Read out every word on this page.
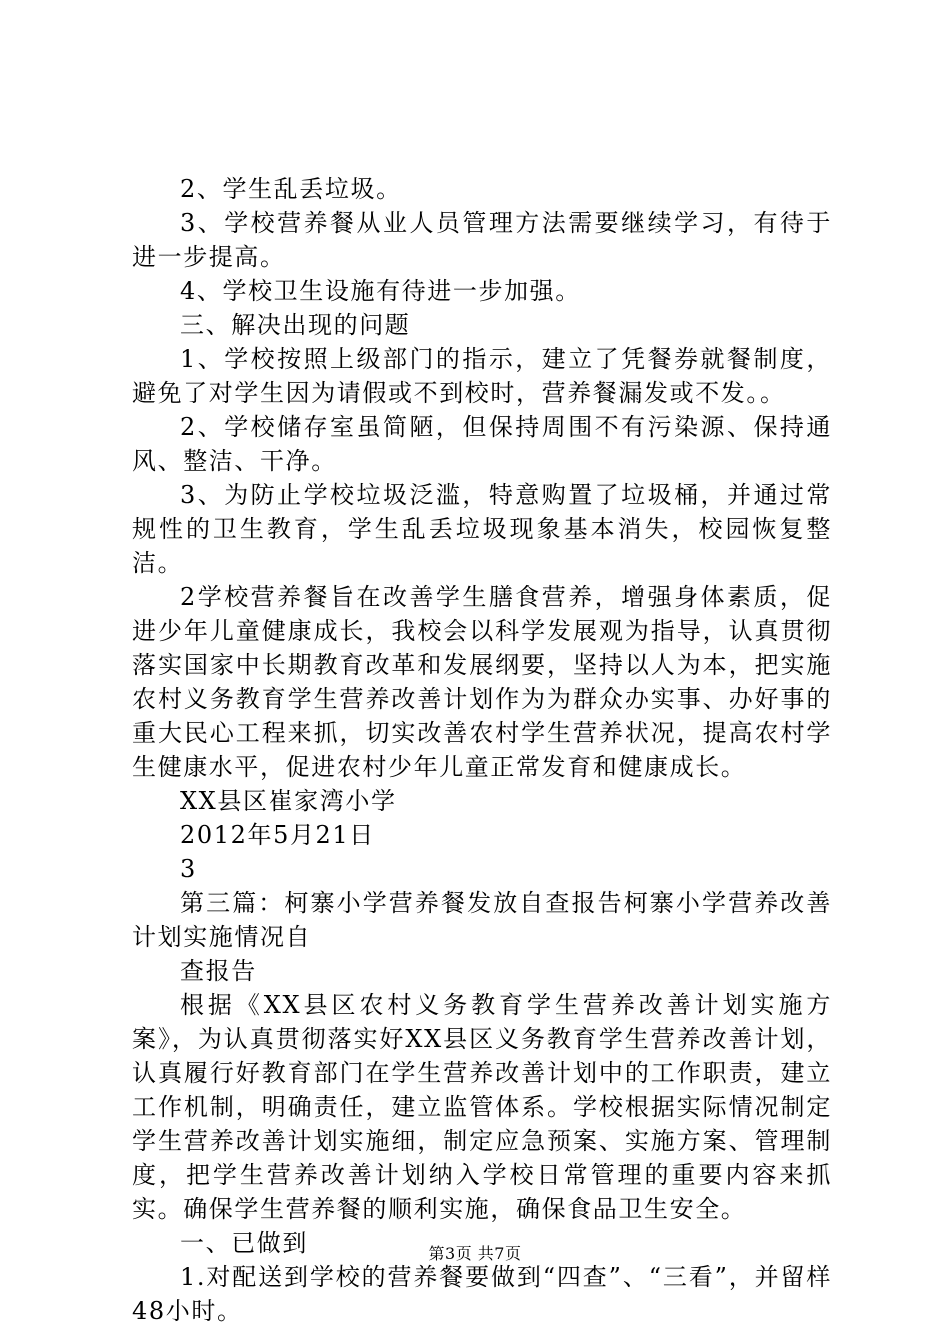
2、学生乱丢垃圾。

3、学校营养餐从业人员管理方法需要继续学习，有待于进一步提高。

4、学校卫生设施有待进一步加强。

三、解决出现的问题

1、学校按照上级部门的指示，建立了凭餐券就餐制度，避免了对学生因为请假或不到校时，营养餐漏发或不发。。

2、学校储存室虽简陋，但保持周围不有污染源、保持通风、整洁、干净。

3、为防止学校垃圾泛滥，特意购置了垃圾桶，并通过常规性的卫生教育，学生乱丢垃圾现象基本消失，校园恢复整洁。

2学校营养餐旨在改善学生膳食营养，增强身体素质，促进少年儿童健康成长，我校会以科学发展观为指导，认真贯彻落实国家中长期教育改革和发展纲要，坚持以人为本，把实施农村义务教育学生营养改善计划作为为群众办实事、办好事的重大民心工程来抓，切实改善农村学生营养状况，提高农村学生健康水平，促进农村少年儿童正常发育和健康成长。

XX县区崔家湾小学

2012年5月21日

3

第三篇：柯寨小学营养餐发放自查报告柯寨小学营养改善计划实施情况自

查报告

根据《XX县区农村义务教育学生营养改善计划实施方案》，为认真贯彻落实好XX县区义务教育学生营养改善计划，认真履行好教育部门在学生营养改善计划中的工作职责，建立工作机制，明确责任，建立监管体系。学校根据实际情况制定学生营养改善计划实施细，制定应急预案、实施方案、管理制度，把学生营养改善计划纳入学校日常管理的重要内容来抓实。确保学生营养餐的顺利实施，确保食品卫生安全。

一、已做到

1.对配送到学校的营养餐要做到“四查”、“三看”，并留样48小时。

第3页 共7页
